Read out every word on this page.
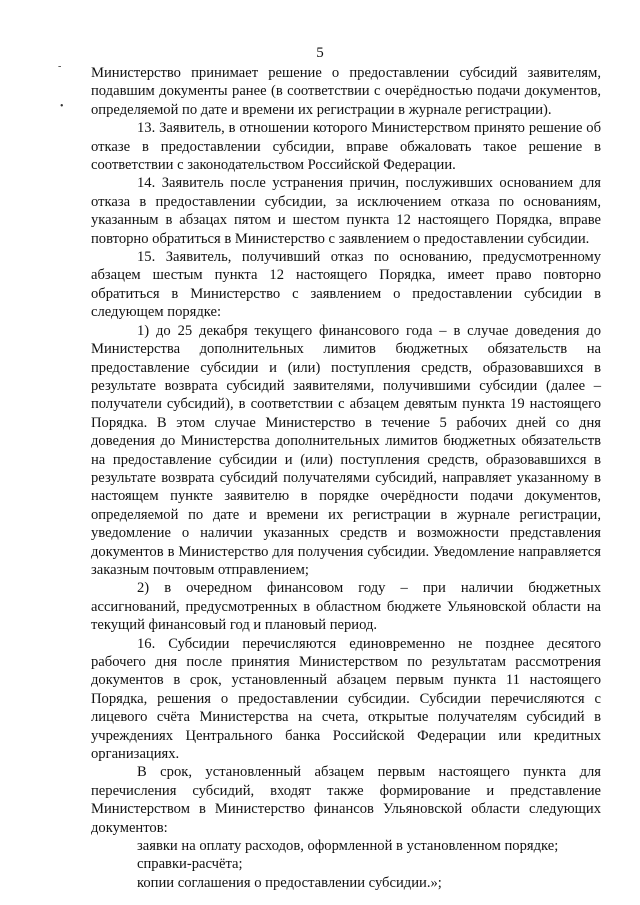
5
-
•

Министерство принимает решение о предоставлении субсидий заявителям, подавшим документы ранее (в соответствии с очерёдностью подачи документов, определяемой по дате и времени их регистрации в журнале регистрации).

13. Заявитель, в отношении которого Министерством принято решение об отказе в предоставлении субсидии, вправе обжаловать такое решение в соответствии с законодательством Российской Федерации.

14. Заявитель после устранения причин, послуживших основанием для отказа в предоставлении субсидии, за исключением отказа по основаниям, указанным в абзацах пятом и шестом пункта 12 настоящего Порядка, вправе повторно обратиться в Министерство с заявлением о предоставлении субсидии.

15. Заявитель, получивший отказ по основанию, предусмотренному абзацем шестым пункта 12 настоящего Порядка, имеет право повторно обратиться в Министерство с заявлением о предоставлении субсидии в следующем порядке:

1) до 25 декабря текущего финансового года – в случае доведения до Министерства дополнительных лимитов бюджетных обязательств на предоставление субсидии и (или) поступления средств, образовавшихся в результате возврата субсидий заявителями, получившими субсидии (далее – получатели субсидий), в соответствии с абзацем девятым пункта 19 настоящего Порядка. В этом случае Министерство в течение 5 рабочих дней со дня доведения до Министерства дополнительных лимитов бюджетных обязательств на предоставление субсидии и (или) поступления средств, образовавшихся в результате возврата субсидий получателями субсидий, направляет указанному в настоящем пункте заявителю в порядке очерёдности подачи документов, определяемой по дате и времени их регистрации в журнале регистрации, уведомление о наличии указанных средств и возможности представления документов в Министерство для получения субсидии. Уведомление направляется заказным почтовым отправлением;

2) в очередном финансовом году – при наличии бюджетных ассигнований, предусмотренных в областном бюджете Ульяновской области на текущий финансовый год и плановый период.

16. Субсидии перечисляются единовременно не позднее десятого рабочего дня после принятия Министерством по результатам рассмотрения документов в срок, установленный абзацем первым пункта 11 настоящего Порядка, решения о предоставлении субсидии. Субсидии перечисляются с лицевого счёта Министерства на счета, открытые получателям субсидий в учреждениях Центрального банка Российской Федерации или кредитных организациях.

В срок, установленный абзацем первым настоящего пункта для перечисления субсидий, входят также формирование и представление Министерством в Министерство финансов Ульяновской области следующих документов:

заявки на оплату расходов, оформленной в установленном порядке;

справки-расчёта;

копии соглашения о предоставлении субсидии.»;
